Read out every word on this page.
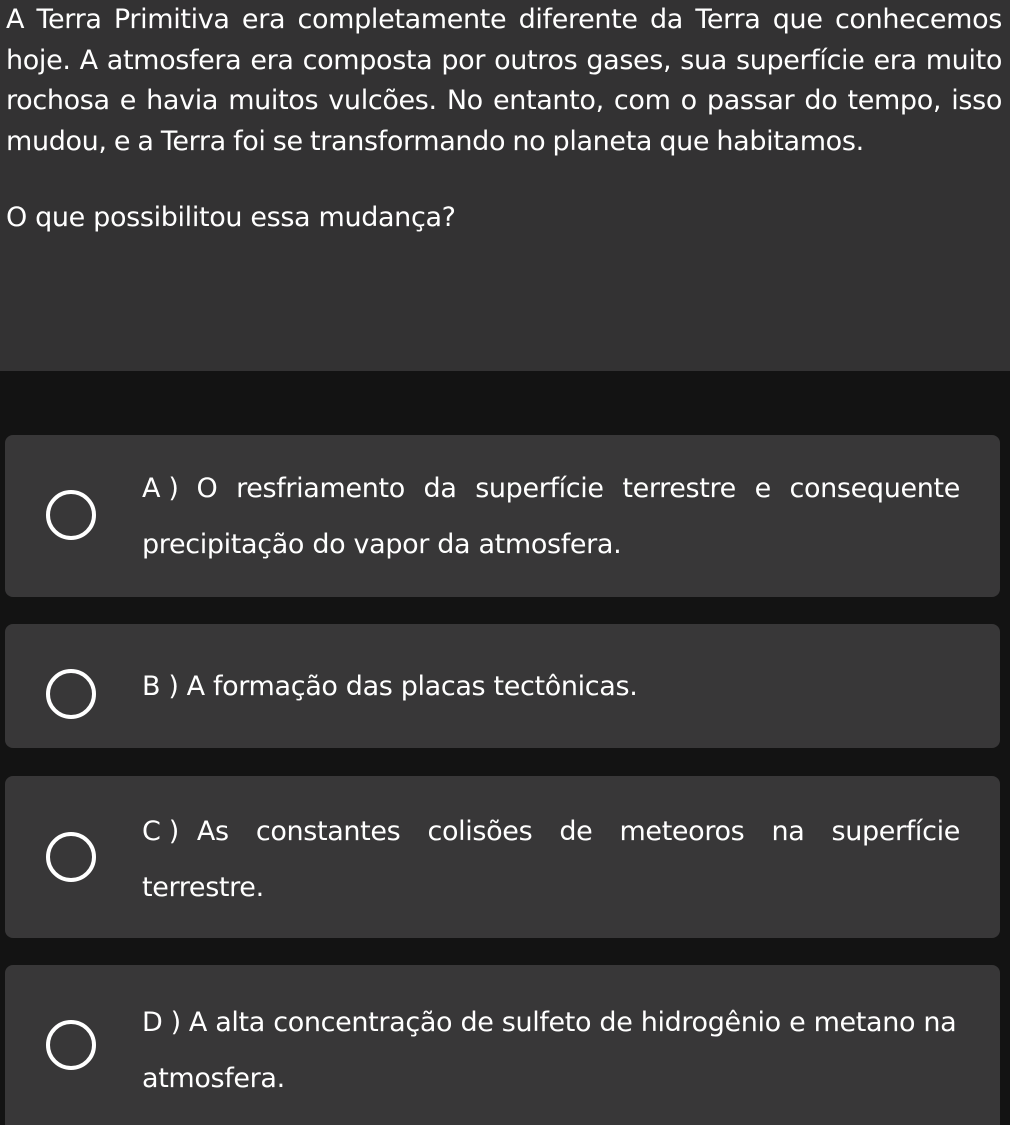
A Terra Primitiva era completamente diferente da Terra que conhecemos hoje. A atmosfera era composta por outros gases, sua superfície era muito rochosa e havia muitos vulcões. No entanto, com o passar do tempo, isso mudou, e a Terra foi se transformando no planeta que habitamos.

O que possibilitou essa mudança?

A ) O resfriamento da superfície terrestre e consequente precipitação do vapor da atmosfera.
B ) A formação das placas tectônicas.
C ) As constantes colisões de meteoros na superfície terrestre.
D ) A alta concentração de sulfeto de hidrogênio e metano na atmosfera.
